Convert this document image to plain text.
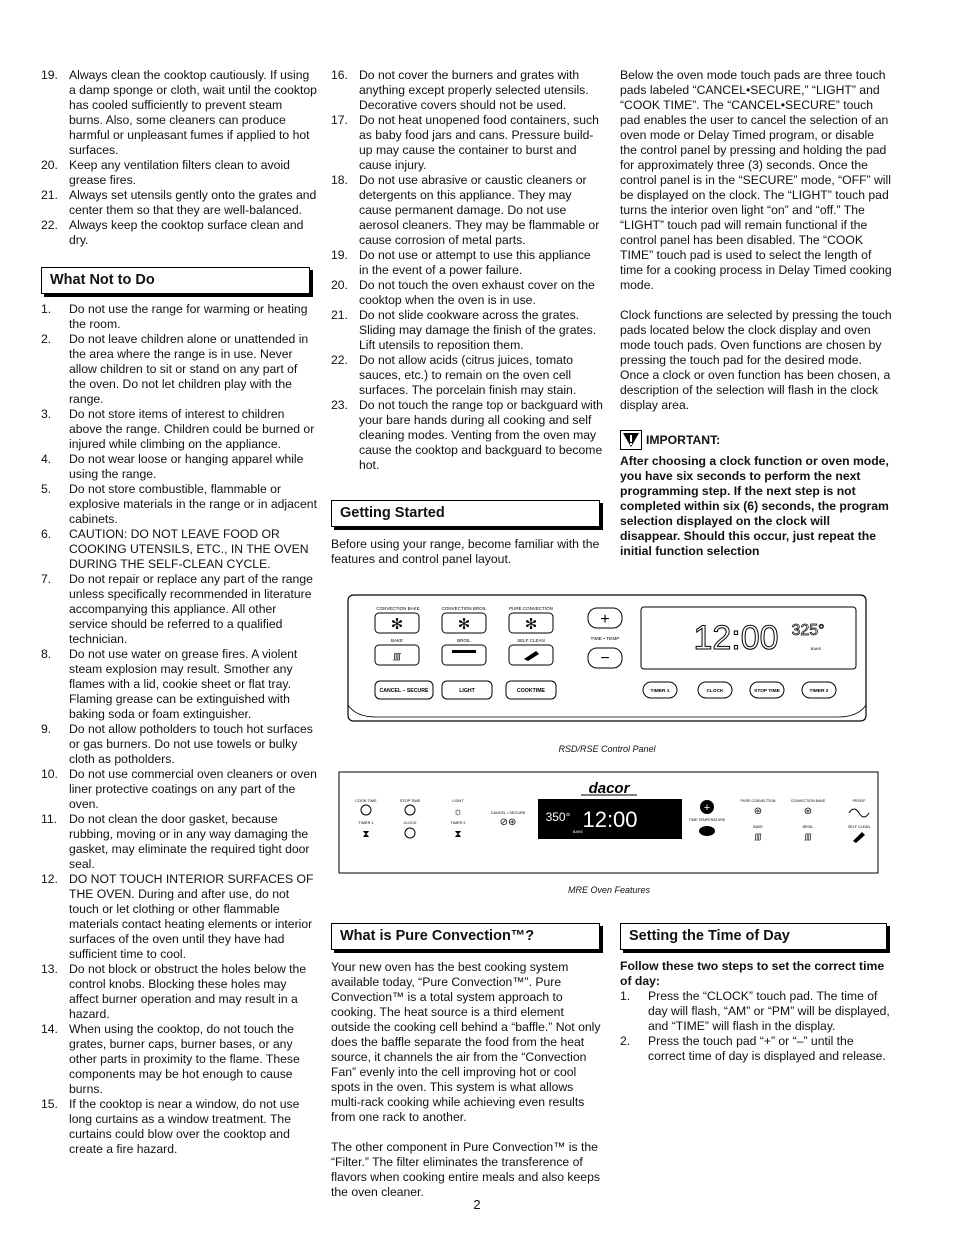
19. Always clean the cooktop cautiously. If using a damp sponge or cloth, wait until the cooktop has cooled sufficiently to prevent steam burns. Also, some cleaners can produce harmful or unpleasant fumes if applied to hot surfaces.
20. Keep any ventilation filters clean to avoid grease fires.
21. Always set utensils gently onto the grates and center them so that they are well-balanced.
22. Always keep the cooktop surface clean and dry.
What Not to Do
1. Do not use the range for warming or heating the room.
2. Do not leave children alone or unattended in the area where the range is in use. Never allow children to sit or stand on any part of the oven. Do not let children play with the range.
3. Do not store items of interest to children above the range. Children could be burned or injured while climbing on the appliance.
4. Do not wear loose or hanging apparel while using the range.
5. Do not store combustible, flammable or explosive materials in the range or in adjacent cabinets.
6. CAUTION: DO NOT LEAVE FOOD OR COOKING UTENSILS, ETC., IN THE OVEN DURING THE SELF-CLEAN CYCLE.
7. Do not repair or replace any part of the range unless specifically recommended in literature accompanying this appliance. All other service should be referred to a qualified technician.
8. Do not use water on grease fires. A violent steam explosion may result. Smother any flames with a lid, cookie sheet or flat tray. Flaming grease can be extinguished with baking soda or foam extinguisher.
9. Do not allow potholders to touch hot surfaces or gas burners. Do not use towels or bulky cloth as potholders.
10. Do not use commercial oven cleaners or oven liner protective coatings on any part of the oven.
11. Do not clean the door gasket, because rubbing, moving or in any way damaging the gasket, may eliminate the required tight door seal.
12. DO NOT TOUCH INTERIOR SURFACES OF THE OVEN. During and after use, do not touch or let clothing or other flammable materials contact heating elements or interior surfaces of the oven until they have had sufficient time to cool.
13. Do not block or obstruct the holes below the control knobs. Blocking these holes may affect burner operation and may result in a hazard.
14. When using the cooktop, do not touch the grates, burner caps, burner bases, or any other parts in proximity to the flame. These components may be hot enough to cause burns.
15. If the cooktop is near a window, do not use long curtains as a window treatment. The curtains could blow over the cooktop and create a fire hazard.
16. Do not cover the burners and grates with anything except properly selected utensils. Decorative covers should not be used.
17. Do not heat unopened food containers, such as baby food jars and cans. Pressure build-up may cause the container to burst and cause injury.
18. Do not use abrasive or caustic cleaners or detergents on this appliance. They may cause permanent damage. Do not use aerosol cleaners. They may be flammable or cause corrosion of metal parts.
19. Do not use or attempt to use this appliance in the event of a power failure.
20. Do not touch the oven exhaust cover on the cooktop when the oven is in use.
21. Do not slide cookware across the grates. Sliding may damage the finish of the grates. Lift utensils to reposition them.
22. Do not allow acids (citrus juices, tomato sauces, etc.) to remain on the oven cell surfaces. The porcelain finish may stain.
23. Do not touch the range top or backguard with your bare hands during all cooking and self cleaning modes. Venting from the oven may cause the cooktop and backguard to become hot.
Getting Started

Before using your range, become familiar with the features and control panel layout.

Below the oven mode touch pads are three touch pads labeled “CANCEL•SECURE,” “LIGHT” and “COOK TIME”. The “CANCEL•SECURE” touch pad enables the user to cancel the selection of an oven mode or Delay Timed program, or disable the control panel by pressing and holding the pad for approximately three (3) seconds. Once the control panel is in the “SECURE” mode, “OFF” will be displayed on the clock. The “LIGHT” touch pad turns the interior oven light “on” and “off.” The “LIGHT” touch pad will remain functional if the control panel has been disabled. The “COOK TIME” touch pad is used to select the length of time for a cooking process in Delay Timed cooking mode.

Clock functions are selected by pressing the touch pads located below the clock display and oven mode touch pads. Oven functions are chosen by pressing the touch pad for the desired mode. Once a clock or oven function has been chosen, a description of the selection will flash in the clock display area.

IMPORTANT:

After choosing a clock function or oven mode, you have six seconds to perform the next programming step. If the next step is not completed within six (6) seconds, the program selection displayed on the clock will disappear. Should this occur, just repeat the initial function selection

CONVECTION BAKE
✻
CONVECTION BROIL
✻
PURE CONVECTION
✻
BAKE
ʃʃʃʃ
BROIL	SELF CLEAN
+
TIME • TEMP
−
12:00 325°
BAKE
CANCEL – SECURE	LIGHT	COOKTIME	TIMER 1	CLOCK	STOP TIME	TIMER 2
RSD/RSE Control Panel
dacor
COOK TIME	STOP TIME	LIGHT
☼	CANCEL • SECURE
⊘⊛
TIMER 1
⧗
CLOCK	TIMER 2
⧗
350° 12:00
BAKE
+
TIME TEMPERATURE
PURE CONVECTION
⊛
CONVECTION BAKE
⊛
PROOF
BAKE
ʃʃʃʃ
BROIL
ʃʃʃʃ
SELF CLEAN
MRE Oven Features
What is Pure Convection™?

Your new oven has the best cooking system available today, “Pure Convection™”. Pure Convection™ is a total system approach to cooking. The heat source is a third element outside the cooking cell behind a “baffle.” Not only does the baffle separate the food from the heat source, it channels the air from the “Convection Fan” evenly into the cell improving hot or cool spots in the oven. This system is what allows multi-rack cooking while achieving even results from one rack to another.

The other component in Pure Convection™ is the “Filter.” The filter eliminates the transference of flavors when cooking entire meals and also keeps the oven cleaner.

Setting the Time of Day

Follow these two steps to set the correct time of day:

1. Press the “CLOCK” touch pad. The time of day will flash, “AM” or “PM” will be displayed, and “TIME” will flash in the display.
2. Press the touch pad “+” or “–” until the correct time of day is displayed and release.
2
